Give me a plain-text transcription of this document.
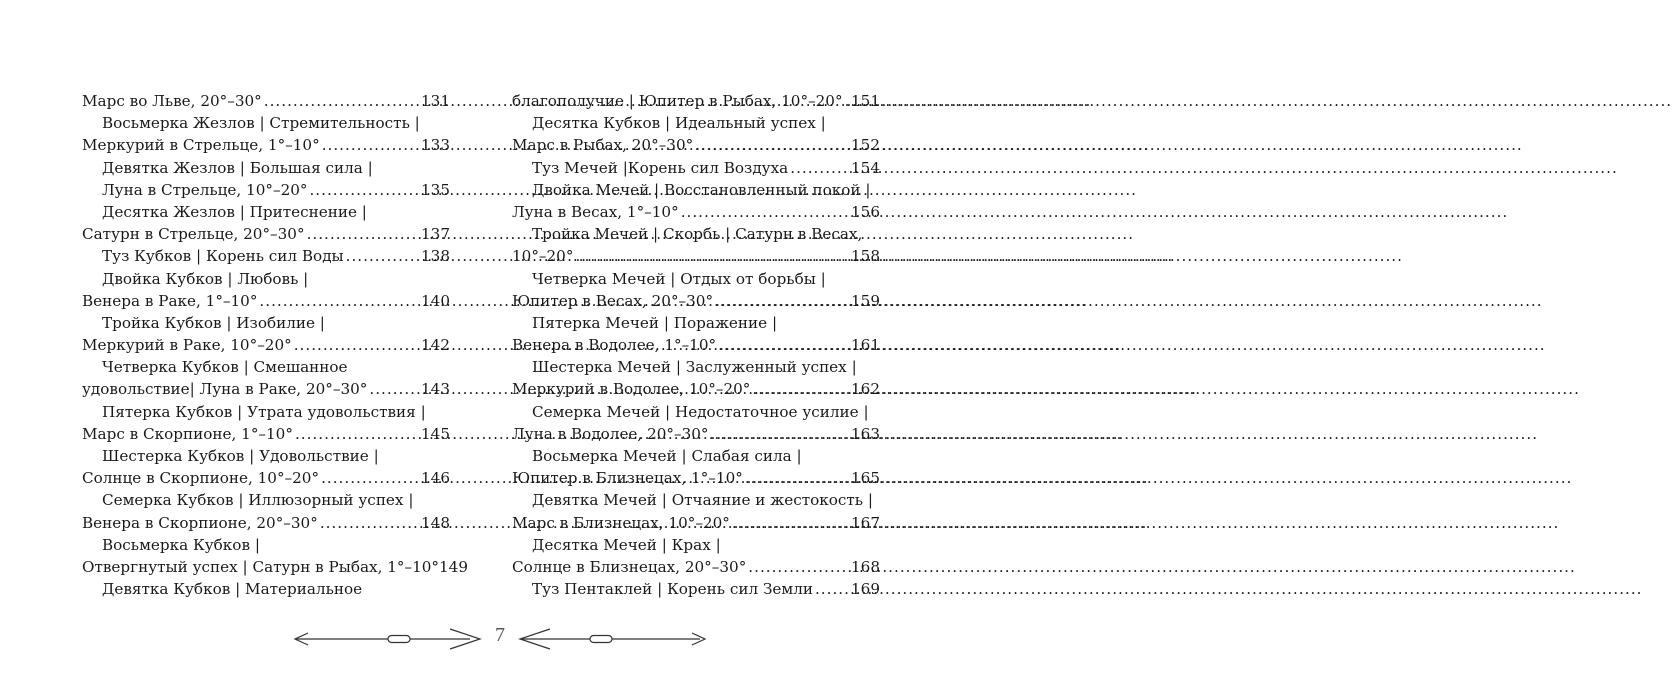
Марс во Льве, 20°–30° .....	131
Восьмерка Жезлов | Стремительность |
Меркурий в Стрельце, 1°–10° .....	133
Девятка Жезлов | Большая сила |
Луна в Стрельце, 10°–20° .....	135
Десятка Жезлов | Притеснение |
Сатурн в Стрельце, 20°–30° .....	137
Туз Кубков | Корень сил Воды .....	138
Двойка Кубков | Любовь |
Венера в Раке, 1°–10° .....	140
Тройка Кубков | Изобилие |
Меркурий в Раке, 10°–20° .....	142
Четверка Кубков | Смешанное
удовольствие| Луна в Раке, 20°–30° .....	143
Пятерка Кубков | Утрата удовольствия |
Марс в Скорпионе, 1°–10° .....	145
Шестерка Кубков | Удовольствие |
Солнце в Скорпионе, 10°–20° .....	146
Семерка Кубков | Иллюзорный успех |
Венера в Скорпионе, 20°–30° .....	148
Восьмерка Кубков |
Отвергнутый успех | Сатурн в Рыбах, 1°–10°149
Девятка Кубков | Материальное
благополучие | Юпитер в Рыбах, 10°–20° ..... 151
Десятка Кубков | Идеальный успех |
Марс в Рыбах, 20°–30° .....	152
Туз Мечей |Корень сил Воздуха .....	154
Двойка Мечей | Восстановленный покой |
Луна в Весах, 1°–10° .....	156
Тройка Мечей | Скорбь | Сатурн в Весах,
10°–20° .....	158
Четверка Мечей | Отдых от борьбы |
Юпитер в Весах, 20°–30° .....	159
Пятерка Мечей | Поражение |
Венера в Водолее, 1°–10° .....	161
Шестерка Мечей | Заслуженный успех |
Меркурий в Водолее, 10°–20° .....	162
Семерка Мечей | Недостаточное усилие |
Луна в Водолее, 20°–30° .....	163
Восьмерка Мечей | Слабая сила |
Юпитер в Близнецах, 1°–10° .....	165
Девятка Мечей | Отчаяние и жестокость |
Марс в Близнецах, 10°–20° .....	167
Десятка Мечей | Крах |
Солнце в Близнецах, 20°–30° .....	168
Туз Пентаклей | Корень сил Земли .....	169
7
